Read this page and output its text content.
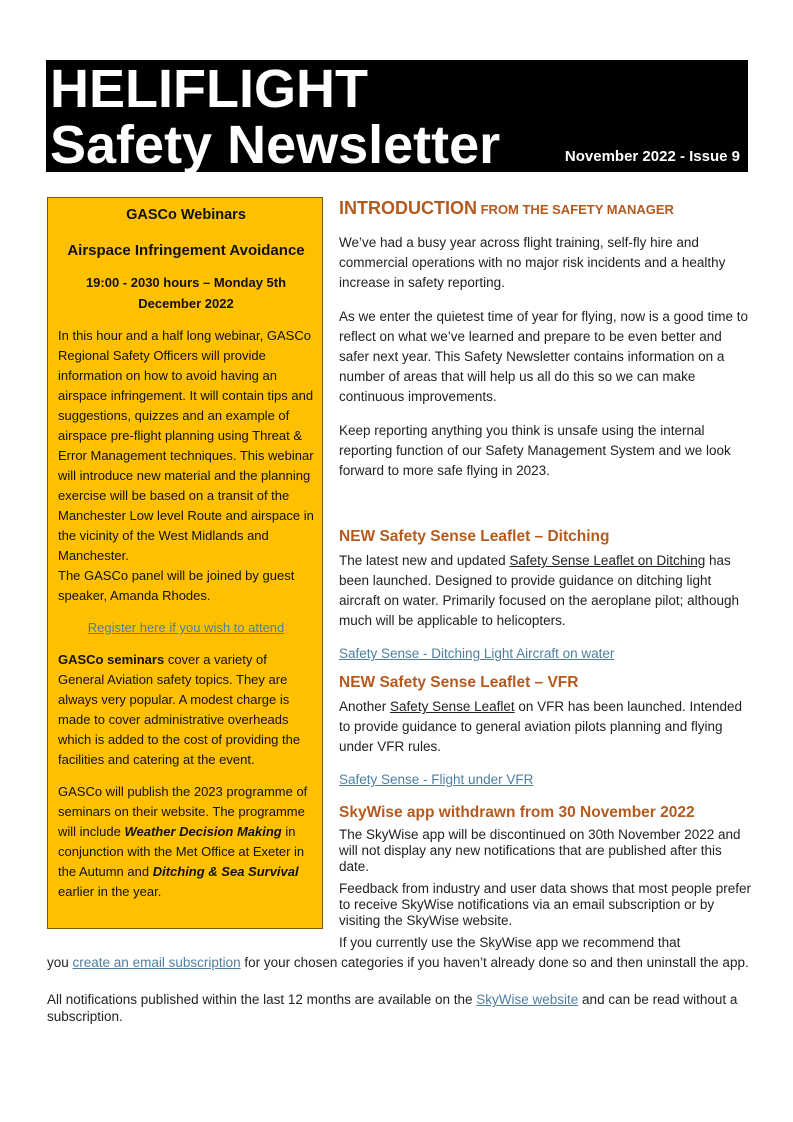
HELIFLIGHT
Safety Newsletter	November 2022 - Issue 9

GASCo Webinars

Airspace Infringement Avoidance

19:00 - 2030 hours – Monday 5th December 2022

In this hour and a half long webinar, GASCo Regional Safety Officers will provide information on how to avoid having an airspace infringement. It will contain tips and suggestions, quizzes and an example of airspace pre-flight planning using Threat & Error Management techniques. This webinar will introduce new material and the planning exercise will be based on a transit of the Manchester Low level Route and airspace in the vicinity of the West Midlands and Manchester.
The GASCo panel will be joined by guest speaker, Amanda Rhodes.

Register here if you wish to attend

GASCo seminars cover a variety of General Aviation safety topics. They are always very popular. A modest charge is made to cover administrative overheads which is added to the cost of providing the facilities and catering at the event.

GASCo will publish the 2023 programme of seminars on their website. The programme will include Weather Decision Making in conjunction with the Met Office at Exeter in the Autumn and Ditching & Sea Survival earlier in the year.

INTRODUCTION FROM THE SAFETY MANAGER

We’ve had a busy year across flight training, self-fly hire and commercial operations with no major risk incidents and a healthy increase in safety reporting.

As we enter the quietest time of year for flying, now is a good time to reflect on what we’ve learned and prepare to be even better and safer next year. This Safety Newsletter contains information on a number of areas that will help us all do this so we can make continuous improvements.

Keep reporting anything you think is unsafe using the internal reporting function of our Safety Management System and we look forward to more safe flying in 2023.

NEW Safety Sense Leaflet – Ditching

The latest new and updated Safety Sense Leaflet on Ditching has been launched. Designed to provide guidance on ditching light aircraft on water. Primarily focused on the aeroplane pilot; although much will be applicable to helicopters.

Safety Sense - Ditching Light Aircraft on water

NEW Safety Sense Leaflet – VFR

Another Safety Sense Leaflet on VFR has been launched. Intended to provide guidance to general aviation pilots planning and flying under VFR rules.

Safety Sense - Flight under VFR

SkyWise app withdrawn from 30 November 2022

The SkyWise app will be discontinued on 30th November 2022 and will not display any new notifications that are published after this date.

Feedback from industry and user data shows that most people prefer to receive SkyWise notifications via an email subscription or by visiting the SkyWise website.

If you currently use the SkyWise app we recommend that

you create an email subscription for your chosen categories if you haven’t already done so and then uninstall the app.
All notifications published within the last 12 months are available on the SkyWise website and can be read without a subscription.
